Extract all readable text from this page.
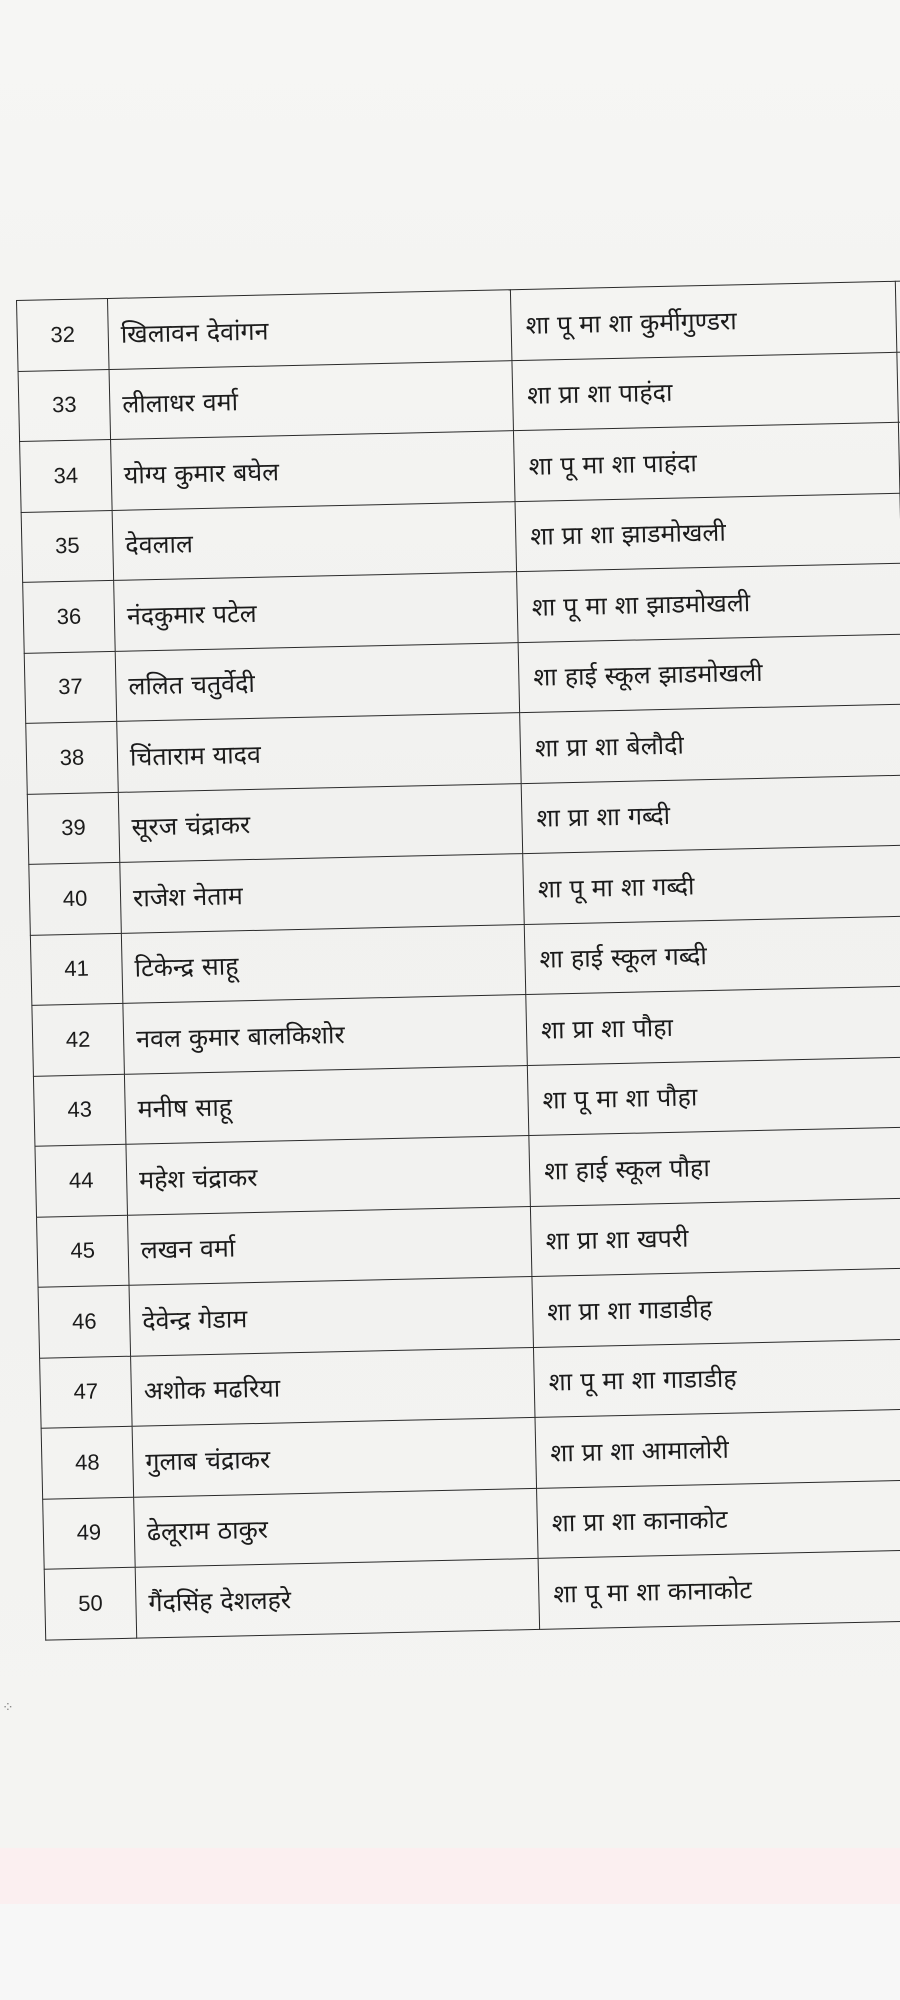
⁘
32	खिलावन देवांगन	शा पू मा शा कुर्मीगुण्डरा	
33	लीलाधर वर्मा	शा प्रा शा पाहंदा	
34	योग्य कुमार बघेल	शा पू मा शा पाहंदा	
35	देवलाल	शा प्रा शा झाडमोखली	
36	नंदकुमार पटेल	शा पू मा शा झाडमोखली	
37	ललित चतुर्वेदी	शा हाई स्कूल झाडमोखली	
38	चिंताराम यादव	शा प्रा शा बेलौदी	
39	सूरज चंद्राकर	शा प्रा शा गब्दी	
40	राजेश नेताम	शा पू मा शा गब्दी	
41	टिकेन्द्र साहू	शा हाई स्कूल गब्दी	
42	नवल कुमार बालकिशोर	शा प्रा शा पौहा	
43	मनीष साहू	शा पू मा शा पौहा	
44	महेश चंद्राकर	शा हाई स्कूल पौहा	
45	लखन वर्मा	शा प्रा शा खपरी	
46	देवेन्द्र गेडाम	शा प्रा शा गाडाडीह	
47	अशोक मढरिया	शा पू मा शा गाडाडीह	
48	गुलाब चंद्राकर	शा प्रा शा आमालोरी	
49	ढेलूराम ठाकुर	शा प्रा शा कानाकोट	
50	गैंदसिंह देशलहरे	शा पू मा शा कानाकोट	
